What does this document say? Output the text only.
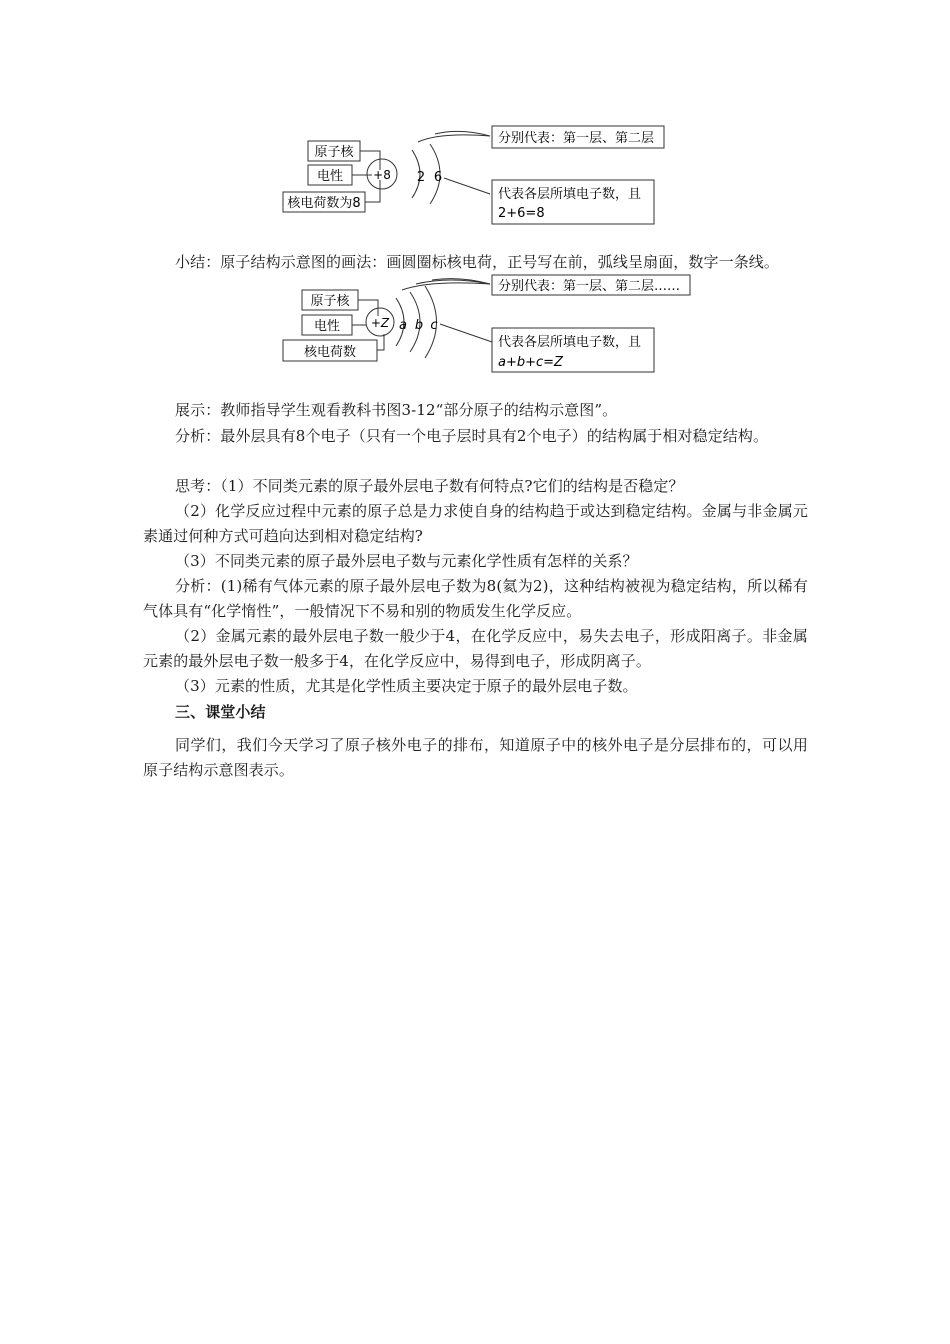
原子核
电性
核电荷数为8
+8 2 6
分别代表：第一层、第二层
代表各层所填电子数，且
2+6=8
小结：原子结构示意图的画法：画圆圈标核电荷，正号写在前，弧线呈扇面，数字一条线。
原子核
电性
核电荷数
+Z a b c
分别代表：第一层、第二层……
代表各层所填电子数，且
a+b+c=Z
展示：教师指导学生观看教科书图3-12“部分原子的结构示意图”。
分析：最外层具有8个电子（只有一个电子层时具有2个电子）的结构属于相对稳定结构。
思考：（1）不同类元素的原子最外层电子数有何特点?它们的结构是否稳定？
（2）化学反应过程中元素的原子总是力求使自身的结构趋于或达到稳定结构。金属与非金属元素通过何种方式可趋向达到相对稳定结构?
（3）不同类元素的原子最外层电子数与元素化学性质有怎样的关系？
分析：(1)稀有气体元素的原子最外层电子数为8(氦为2)，这种结构被视为稳定结构，所以稀有气体具有“化学惰性”，一般情况下不易和别的物质发生化学反应。
（2）金属元素的最外层电子数一般少于4，在化学反应中，易失去电子，形成阳离子。非金属元素的最外层电子数一般多于4，在化学反应中，易得到电子，形成阴离子。
（3）元素的性质，尤其是化学性质主要决定于原子的最外层电子数。
三、课堂小结
同学们，我们今天学习了原子核外电子的排布，知道原子中的核外电子是分层排布的，可以用原子结构示意图表示。
